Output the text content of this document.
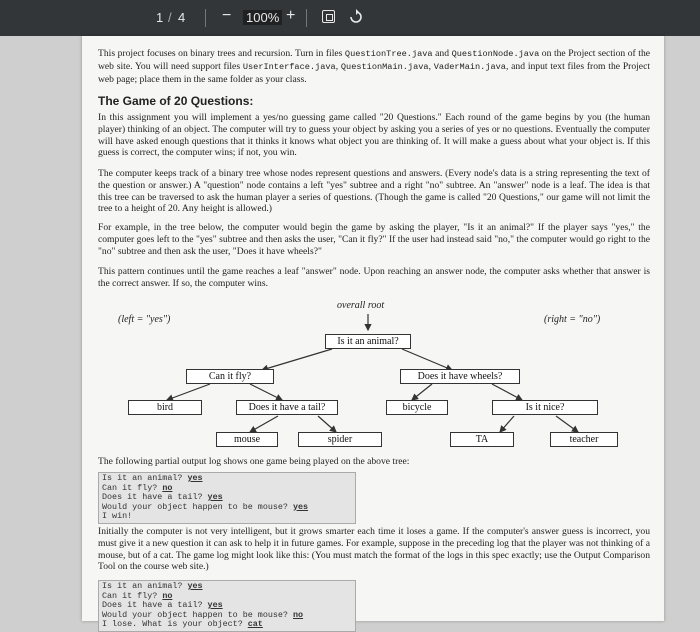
1 / 4 − 100% +

This project focuses on binary trees and recursion. Turn in files QuestionTree.java and QuestionNode.java on the Project section of the web site. You will need support files UserInterface.java, QuestionMain.java, VaderMain.java, and input text files from the Project web page; place them in the same folder as your class.

The Game of 20 Questions:

In this assignment you will implement a yes/no guessing game called "20 Questions." Each round of the game begins by you (the human player) thinking of an object. The computer will try to guess your object by asking you a series of yes or no questions. Eventually the computer will have asked enough questions that it thinks it knows what object you are thinking of. It will make a guess about what your object is. If this guess is correct, the computer wins; if not, you win.

The computer keeps track of a binary tree whose nodes represent questions and answers. (Every node's data is a string representing the text of the question or answer.) A "question" node contains a left "yes" subtree and a right "no" subtree. An "answer" node is a leaf. The idea is that this tree can be traversed to ask the human player a series of questions. (Though the game is called "20 Questions," our game will not limit the tree to a height of 20. Any height is allowed.)

For example, in the tree below, the computer would begin the game by asking the player, "Is it an animal?" If the player says "yes," the computer goes left to the "yes" subtree and then asks the user, "Can it fly?" If the user had instead said "no," the computer would go right to the "no" subtree and then ask the user, "Does it have wheels?"

This pattern continues until the game reaches a leaf "answer" node. Upon reaching an answer node, the computer asks whether that answer is the correct answer. If so, the computer wins.

(left = "yes")	(right = "no")
overall root
Is it an animal?
Can it fly?	Does it have wheels?
bird	Does it have a tail?	bicycle	Is it nice?
mouse	spider	TA	teacher

The following partial output log shows one game being played on the above tree:

Is it an animal? yes
Can it fly? no
Does it have a tail? yes
Would your object happen to be mouse? yes
I win!

Initially the computer is not very intelligent, but it grows smarter each time it loses a game. If the computer's answer guess is incorrect, you must give it a new question it can ask to help it in future games. For example, suppose in the preceding log that the player was not thinking of a mouse, but of a cat. The game log might look like this: (You must match the format of the logs in this spec exactly; use the Output Comparison Tool on the course web site.)

Is it an animal? yes
Can it fly? no
Does it have a tail? yes
Would your object happen to be mouse? no
I lose. What is your object? cat
